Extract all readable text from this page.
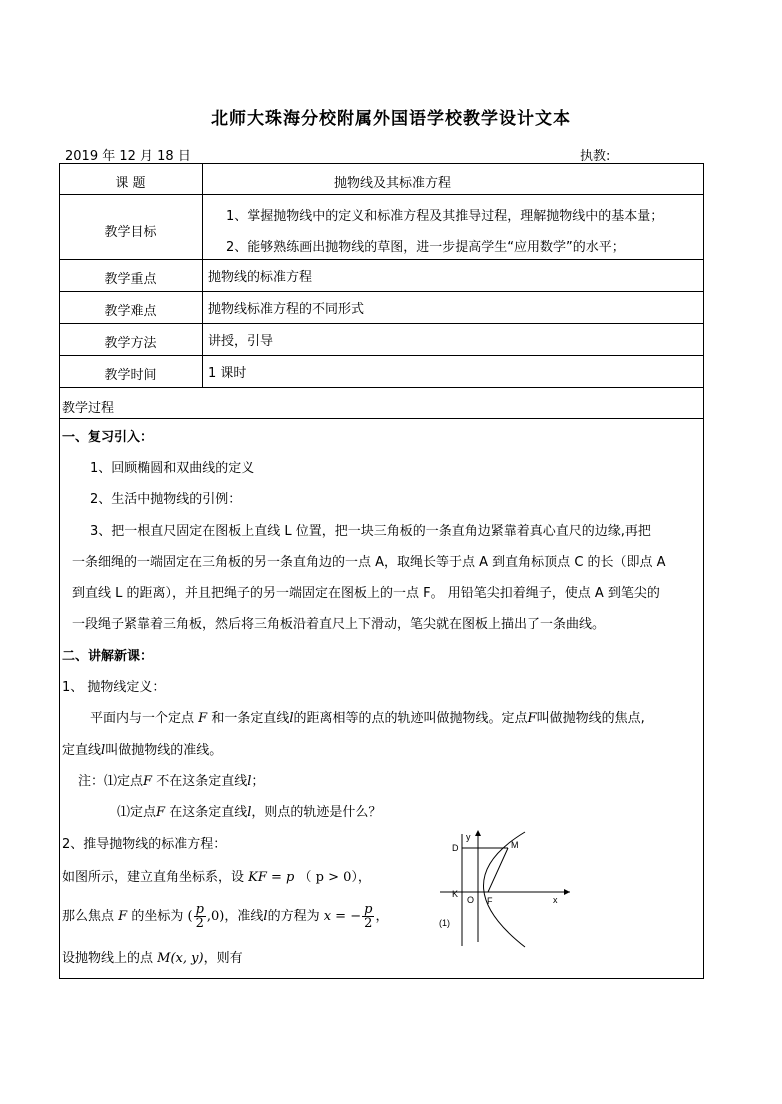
北师大珠海分校附属外国语学校教学设计文本
2019 年 12 月 18 日	执教:
课 题	抛物线及其标准方程
教学目标
1、掌握抛物线中的定义和标准方程及其推导过程，理解抛物线中的基本量；
2、能够熟练画出抛物线的草图，进一步提高学生“应用数学”的水平；
教学重点	抛物线的标准方程
教学难点	抛物线标准方程的不同形式
教学方法	讲授，引导
教学时间	1 课时
教学过程
一、复习引入：
1、回顾椭圆和双曲线的定义
2、生活中抛物线的引例：
3、把一根直尺固定在图板上直线 L 位置，把一块三角板的一条直角边紧靠着真心直尺的边缘,再把
一条细绳的一端固定在三角板的另一条直角边的一点 A，取绳长等于点 A 到直角标顶点 C 的长（即点 A
到直线 L 的距离），并且把绳子的另一端固定在图板上的一点 F。 用铅笔尖扣着绳子，使点 A 到笔尖的
一段绳子紧靠着三角板，然后将三角板沿着直尺上下滑动，笔尖就在图板上描出了一条曲线。
二、讲解新课：
1、 抛物线定义：
平面内与一个定点 F 和一条定直线l的距离相等的点的轨迹叫做抛物线。定点F叫做抛物线的焦点,
定直线l叫做抛物线的准线。
注：⑴定点F 不在这条定直线l；
⑴定点F 在这条定直线l，则点的轨迹是什么？
2、推导抛物线的标准方程：
如图所示，建立直角坐标系，设 KF = p （ p > 0），
那么焦点 F 的坐标为 ( $\frac{p}{2} ,0$)，准线l的方程为 x = − $\frac{p}{2}$ ，
设抛物线上的点 M(x, y)，则有
D	M
K
O F	x
y
(1)
